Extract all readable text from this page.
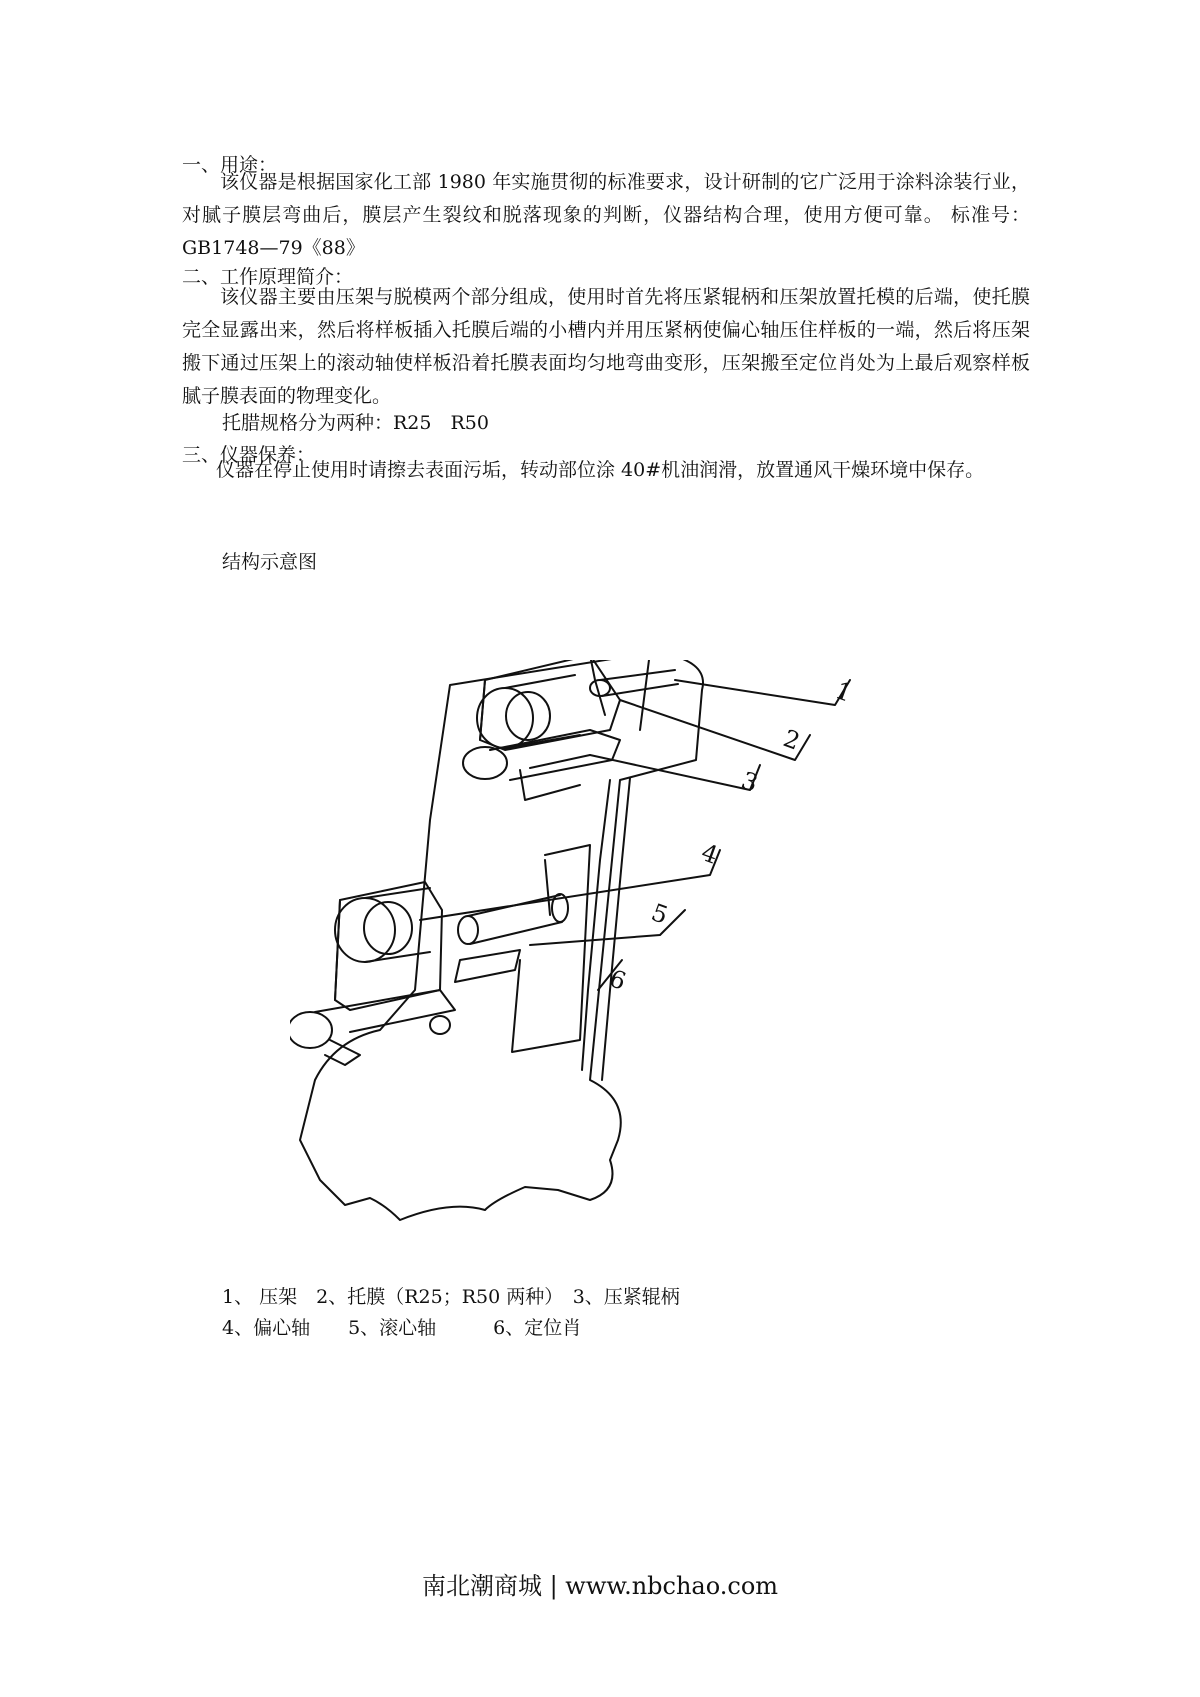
一、用途：
该仪器是根据国家化工部 1980 年实施贯彻的标准要求，设计研制的它广泛用于涂料涂装行业，对腻子膜层弯曲后，膜层产生裂纹和脱落现象的判断，仪器结构合理，使用方便可靠。 标准号：GB1748—79《88》
二、工作原理简介：
该仪器主要由压架与脱模两个部分组成，使用时首先将压紧辊柄和压架放置托模的后端，使托膜完全显露出来，然后将样板插入托膜后端的小槽内并用压紧柄使偏心轴压住样板的一端，然后将压架搬下通过压架上的滚动轴使样板沿着托膜表面均匀地弯曲变形，压架搬至定位肖处为上最后观察样板腻子膜表面的物理变化。
托腊规格分为两种：R25　R50
三、仪器保养：
仪器在停止使用时请擦去表面污垢，转动部位涂 40#机油润滑，放置通风干燥环境中保存。
结构示意图
1
2
3
4
5
6
1、 压架　2、托膜（R25；R50 两种）　3、压紧辊柄
4、偏心轴　　5、滚心轴　　　6、定位肖
南北潮商城 | www.nbchao.com
